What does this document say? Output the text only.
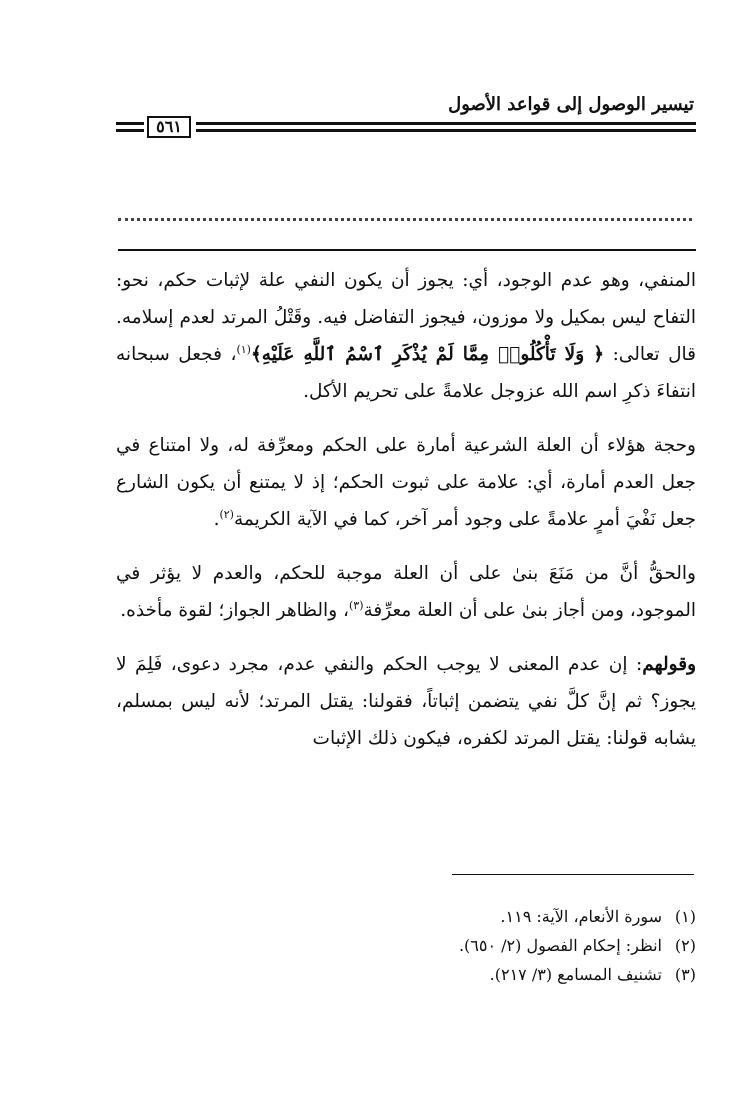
تيسير الوصول إلى قواعد الأصول
٥٦١

المنفي، وهو عدم الوجود، أي: يجوز أن يكون النفي علة لإثبات حكم، نحو: التفاح ليس بمكيل ولا موزون، فيجوز التفاضل فيه. وقَتْلُ المرتد لعدم إسلامه. قال تعالى: ﴿ وَلَا تَأْكُلُوا۟ مِمَّا لَمْ يُذْكَرِ ٱسْمُ ٱللَّهِ عَلَيْهِ﴾$^{(١)}$، فجعل سبحانه انتفاءَ ذكرِ اسم الله عزوجل علامةً على تحريم الأكل.

وحجة هؤلاء أن العلة الشرعية أمارة على الحكم ومعرِّفة له، ولا امتناع في جعل العدم أمارة، أي: علامة على ثبوت الحكم؛ إذ لا يمتنع أن يكون الشارع جعل نَفْيَ أمرٍ علامةً على وجود أمر آخر، كما في الآية الكريمة$^{(٢)}$.

والحقُّ أنَّ من مَنَعَ بنىٰ على أن العلة موجبة للحكم، والعدم لا يؤثر في الموجود، ومن أجاز بنىٰ على أن العلة معرِّفة$^{(٣)}$، والظاهر الجواز؛ لقوة مأخذه.

وقولهم: إن عدم المعنى لا يوجب الحكم والنفي عدم، مجرد دعوى، فَلِمَ لا يجوز؟ ثم إنَّ كلَّ نفي يتضمن إثباتاً، فقولنا: يقتل المرتد؛ لأنه ليس بمسلم، يشابه قولنا: يقتل المرتد لكفره، فيكون ذلك الإثبات

(١)
سورة الأنعام، الآية: ١١٩.
(٢)
انظر: إحكام الفصول (٢/ ٦٥٠).
(٣)
تشنيف المسامع (٣/ ٢١٧).
